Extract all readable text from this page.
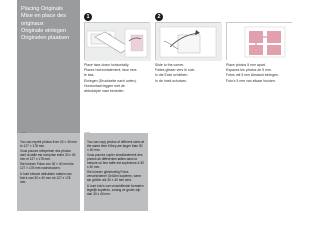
Placing Originals
Mise en place des
originaux
Originale einlegen
Originelen plaatsen
1	2

Place face-down horizontally.

Placez horizontalement, face vers

le bas.

Einlegen (Druckseite nach unten).

Horizontaal leggen met de

afdrukzijde naar beneden.

Slide to the corner.

Faites glisser vers le coin.

In die Ecke schieben.

In de hoek schuiven.

Place photos 5 mm apart.

Espacez les photos de 5 mm.

Fotos mit 5 mm Abstand einlegen.

Foto's 5 mm van elkaar houden.

You can reprint photos from 30 × 40 mm to 127 × 178 mm.

Vous pouvez réimprimer des photos dont la taille est comprise entre 30 x 40 mm et 127 x 178 mm.

Sie können Fotos von 30 × 40 mm bis 127 × 178 mm nachdrucken.

U kunt nieuwe afdrukken maken van foto's van 30 x 40 mm tot 127 x 178 mm.

You can copy photos of different sizes at the same time if they are larger than 30 × 40 mm.

Vous pouvez copier simultanément des photos de différentes tailles dans la mesure où leur taille est supérieure à 30 x 40 mm.

Sie können gleichzeitig Fotos verschiedener Größen kopieren, wenn sie größer als 30 × 40 mm sind.

U kunt foto's van verschillende formaten tegelijk kopiëren, zolang ze groter zijn dan 30 x 40 mm.
